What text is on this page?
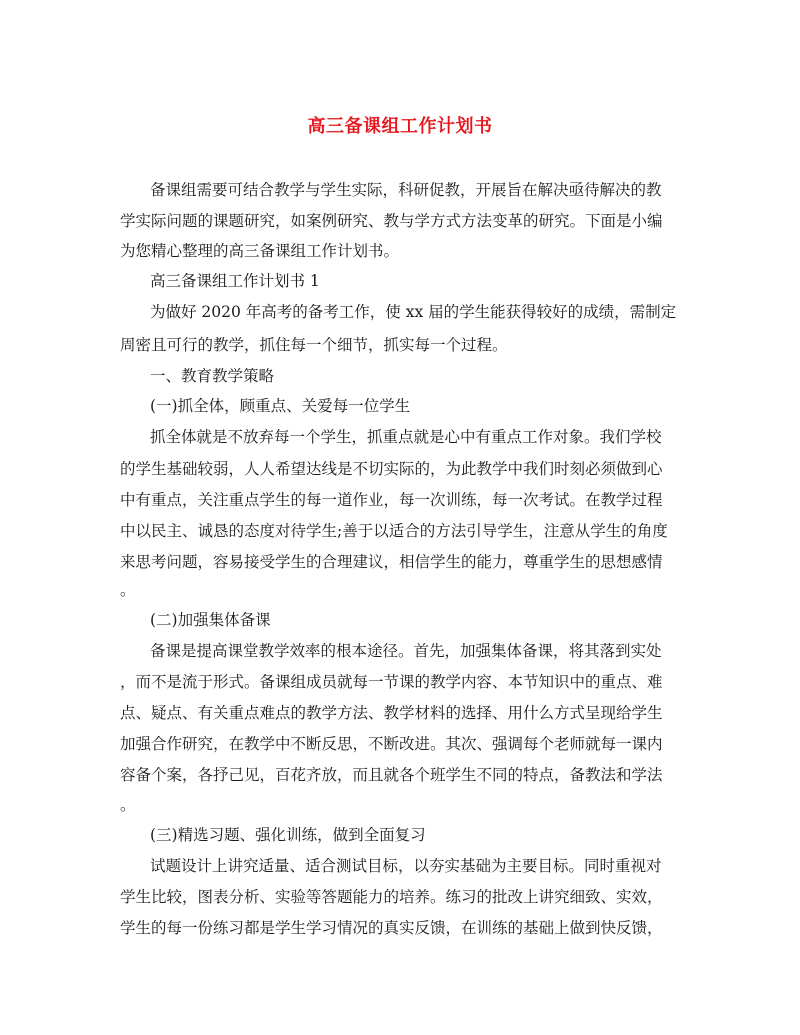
高三备课组工作计划书
备课组需要可结合教学与学生实际，科研促教，开展旨在解决亟待解决的教
学实际问题的课题研究，如案例研究、教与学方式方法变革的研究。下面是小编
为您精心整理的高三备课组工作计划书。
高三备课组工作计划书 1
为做好 2020 年高考的备考工作，使 xx 届的学生能获得较好的成绩，需制定
周密且可行的教学，抓住每一个细节，抓实每一个过程。
一、教育教学策略
(一)抓全体，顾重点、关爱每一位学生
抓全体就是不放弃每一个学生，抓重点就是心中有重点工作对象。我们学校
的学生基础较弱，人人希望达线是不切实际的，为此教学中我们时刻必须做到心
中有重点，关注重点学生的每一道作业，每一次训练，每一次考试。在教学过程
中以民主、诚恳的态度对待学生;善于以适合的方法引导学生，注意从学生的角度
来思考问题，容易接受学生的合理建议，相信学生的能力，尊重学生的思想感情
。
(二)加强集体备课
备课是提高课堂教学效率的根本途径。首先，加强集体备课，将其落到实处
，而不是流于形式。备课组成员就每一节课的教学内容、本节知识中的重点、难
点、疑点、有关重点难点的教学方法、教学材料的选择、用什么方式呈现给学生
加强合作研究，在教学中不断反思，不断改进。其次、强调每个老师就每一课内
容备个案，各抒己见，百花齐放，而且就各个班学生不同的特点，备教法和学法
。
(三)精选习题、强化训练，做到全面复习
试题设计上讲究适量、适合测试目标，以夯实基础为主要目标。同时重视对
学生比较，图表分析、实验等答题能力的培养。练习的批改上讲究细致、实效，
学生的每一份练习都是学生学习情况的真实反馈，在训练的基础上做到快反馈，
